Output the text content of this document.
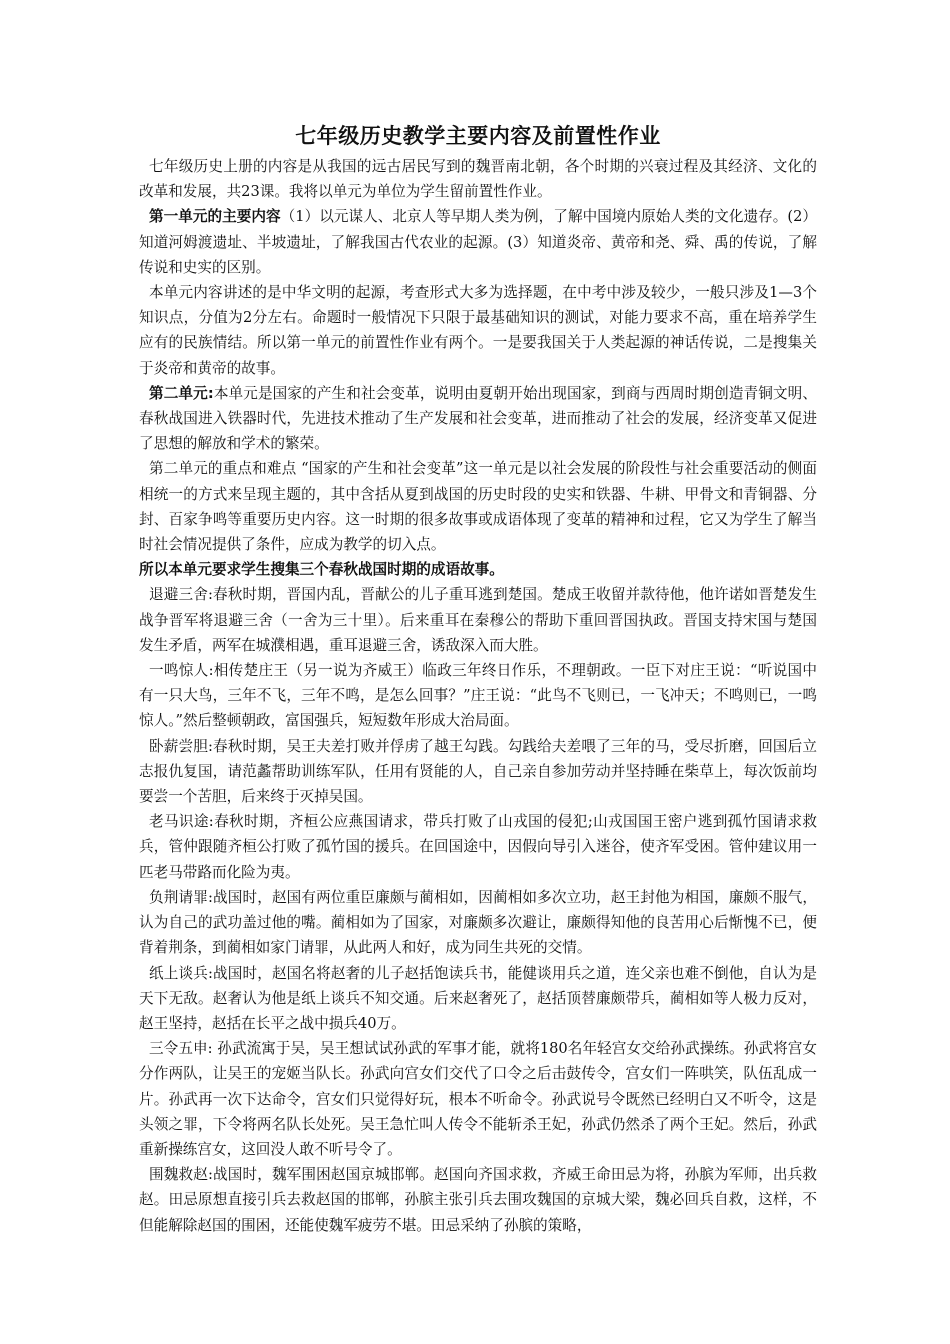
七年级历史教学主要内容及前置性作业

七年级历史上册的内容是从我国的远古居民写到的魏晋南北朝，各个时期的兴衰过程及其经济、文化的改革和发展，共23课。我将以单元为单位为学生留前置性作业。

第一单元的主要内容（1）以元谋人、北京人等早期人类为例，了解中国境内原始人类的文化遗存。(2）知道河姆渡遗址、半坡遗址，了解我国古代农业的起源。(3）知道炎帝、黄帝和尧、舜、禹的传说，了解传说和史实的区别。

本单元内容讲述的是中华文明的起源，考查形式大多为选择题，在中考中涉及较少，一般只涉及1—3个知识点，分值为2分左右。命题时一般情况下只限于最基础知识的测试，对能力要求不高，重在培养学生应有的民族情结。所以第一单元的前置性作业有两个。一是要我国关于人类起源的神话传说，二是搜集关于炎帝和黄帝的故事。

第二单元:本单元是国家的产生和社会变革，说明由夏朝开始出现国家，到商与西周时期创造青铜文明、春秋战国进入铁器时代，先进技术推动了生产发展和社会变革，进而推动了社会的发展，经济变革又促进了思想的解放和学术的繁荣。

第二单元的重点和难点 “国家的产生和社会变革”这一单元是以社会发展的阶段性与社会重要活动的侧面相统一的方式来呈现主题的，其中含括从夏到战国的历史时段的史实和铁器、牛耕、甲骨文和青铜器、分封、百家争鸣等重要历史内容。这一时期的很多故事或成语体现了变革的精神和过程，它又为学生了解当时社会情况提供了条件，应成为教学的切入点。

所以本单元要求学生搜集三个春秋战国时期的成语故事。

退避三舍:春秋时期，晋国内乱，晋献公的儿子重耳逃到楚国。楚成王收留并款待他，他许诺如晋楚发生战争晋军将退避三舍（一舍为三十里）。后来重耳在秦穆公的帮助下重回晋国执政。晋国支持宋国与楚国发生矛盾，两军在城濮相遇，重耳退避三舍，诱敌深入而大胜。

一鸣惊人:相传楚庄王（另一说为齐威王）临政三年终日作乐，不理朝政。一臣下对庄王说：“听说国中有一只大鸟，三年不飞，三年不鸣，是怎么回事？”庄王说：“此鸟不飞则已，一飞冲天；不鸣则已，一鸣惊人。”然后整顿朝政，富国强兵，短短数年形成大治局面。

卧薪尝胆:春秋时期，吴王夫差打败并俘虏了越王勾践。勾践给夫差喂了三年的马，受尽折磨，回国后立志报仇复国，请范蠡帮助训练军队，任用有贤能的人，自己亲自参加劳动并坚持睡在柴草上，每次饭前均要尝一个苦胆，后来终于灭掉吴国。

老马识途:春秋时期，齐桓公应燕国请求，带兵打败了山戎国的侵犯;山戎国国王密户逃到孤竹国请求救兵，管仲跟随齐桓公打败了孤竹国的援兵。在回国途中，因假向导引入迷谷，使齐军受困。管仲建议用一匹老马带路而化险为夷。

负荆请罪:战国时，赵国有两位重臣廉颇与蔺相如，因蔺相如多次立功，赵王封他为相国，廉颇不服气，认为自己的武功盖过他的嘴。蔺相如为了国家，对廉颇多次避让，廉颇得知他的良苦用心后惭愧不已，便背着荆条，到蔺相如家门请罪，从此两人和好，成为同生共死的交情。

纸上谈兵:战国时，赵国名将赵奢的儿子赵括饱读兵书，能健谈用兵之道，连父亲也难不倒他，自认为是天下无敌。赵奢认为他是纸上谈兵不知交通。后来赵奢死了，赵括顶替廉颇带兵，蔺相如等人极力反对，赵王坚持，赵括在长平之战中损兵40万。

三令五申: 孙武流寓于吴，吴王想试试孙武的军事才能，就将180名年轻宫女交给孙武操练。孙武将宫女分作两队，让吴王的宠姬当队长。孙武向宫女们交代了口令之后击鼓传令，宫女们一阵哄笑，队伍乱成一片。孙武再一次下达命令，宫女们只觉得好玩，根本不听命令。孙武说号令既然已经明白又不听令，这是头领之罪，下令将两名队长处死。吴王急忙叫人传令不能斩杀王妃，孙武仍然杀了两个王妃。然后，孙武重新操练宫女，这回没人敢不听号令了。

围魏救赵:战国时，魏军围困赵国京城邯郸。赵国向齐国求救，齐威王命田忌为将，孙膑为军师，出兵救赵。田忌原想直接引兵去救赵国的邯郸，孙膑主张引兵去围攻魏国的京城大梁，魏必回兵自救，这样，不但能解除赵国的围困，还能使魏军疲劳不堪。田忌采纳了孙膑的策略，
